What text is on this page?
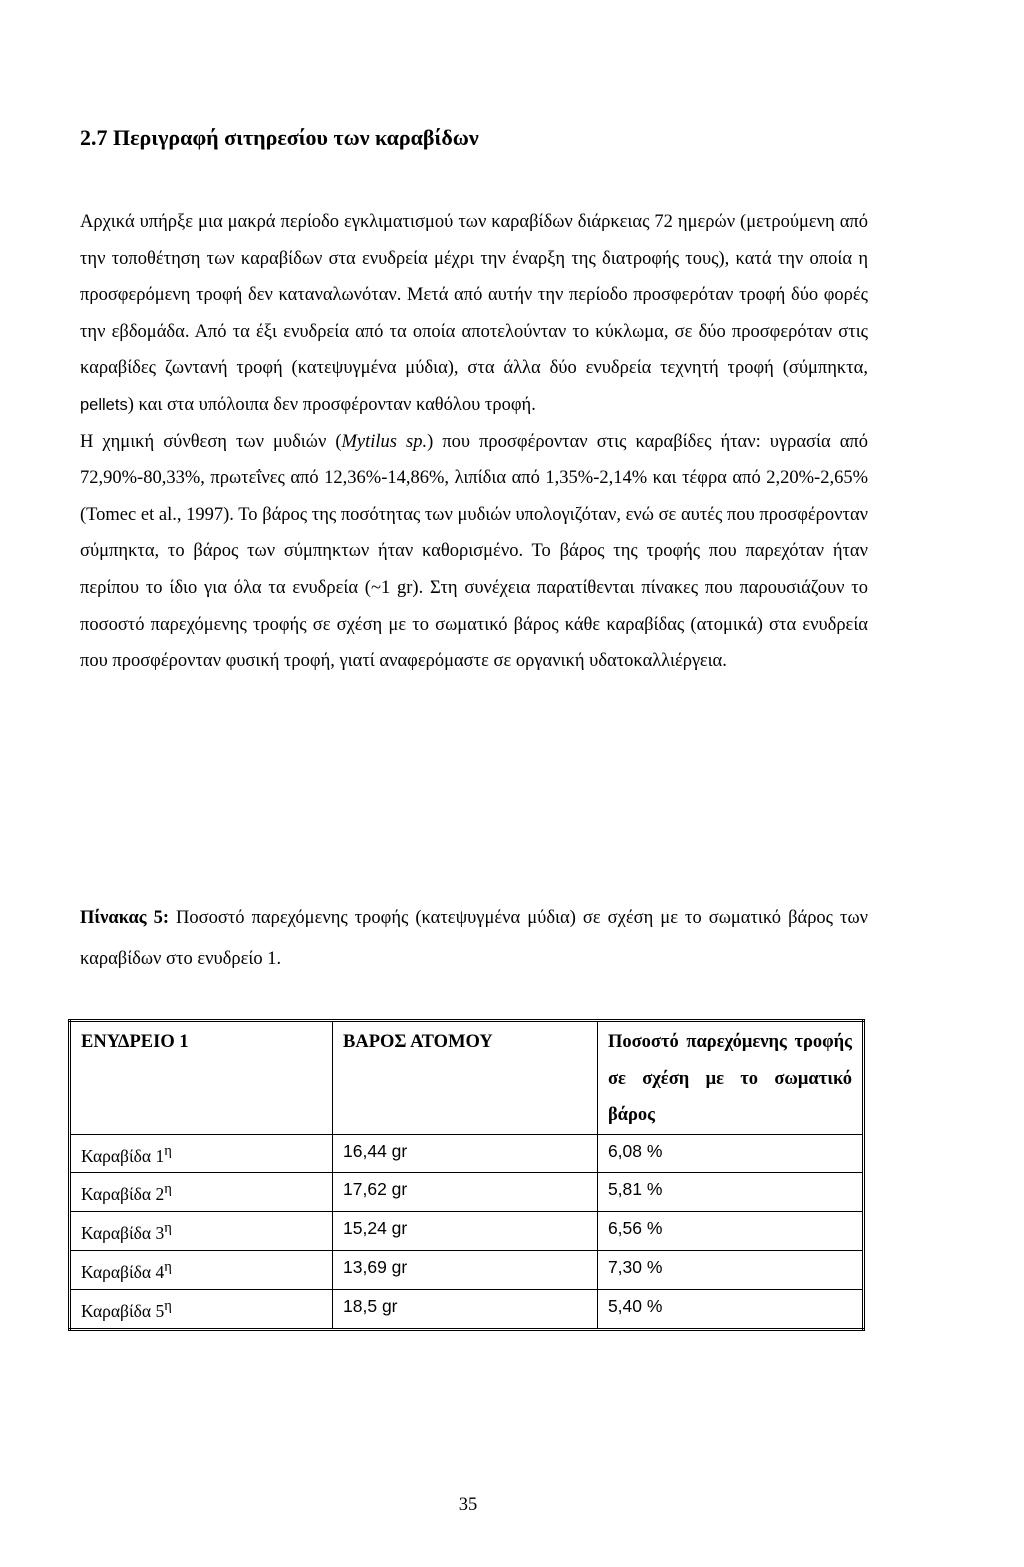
2.7 Περιγραφή σιτηρεσίου των καραβίδων

Αρχικά υπήρξε μια μακρά περίοδο εγκλιματισμού των καραβίδων διάρκειας 72 ημερών (μετρούμενη από την τοποθέτηση των καραβίδων στα ενυδρεία μέχρι την έναρξη της διατροφής τους), κατά την οποία η προσφερόμενη τροφή δεν καταναλωνόταν. Μετά από αυτήν την περίοδο προσφερόταν τροφή δύο φορές την εβδομάδα. Από τα έξι ενυδρεία από τα οποία αποτελούνταν το κύκλωμα, σε δύο προσφερόταν στις καραβίδες ζωντανή τροφή (κατεψυγμένα μύδια), στα άλλα δύο ενυδρεία τεχνητή τροφή (σύμπηκτα, pellets) και στα υπόλοιπα δεν προσφέρονταν καθόλου τροφή.

Η χημική σύνθεση των μυδιών (Mytilus sp.) που προσφέρονταν στις καραβίδες ήταν: υγρασία από 72,90%-80,33%, πρωτεΐνες από 12,36%-14,86%, λιπίδια από 1,35%-2,14% και τέφρα από 2,20%-2,65% (Tomec et al., 1997). Το βάρος της ποσότητας των μυδιών υπολογιζόταν, ενώ σε αυτές που προσφέρονταν σύμπηκτα, το βάρος των σύμπηκτων ήταν καθορισμένο. Το βάρος της τροφής που παρεχόταν ήταν περίπου το ίδιο για όλα τα ενυδρεία (~1 gr). Στη συνέχεια παρατίθενται πίνακες που παρουσιάζουν το ποσοστό παρεχόμενης τροφής σε σχέση με το σωματικό βάρος κάθε καραβίδας (ατομικά) στα ενυδρεία που προσφέρονταν φυσική τροφή, γιατί αναφερόμαστε σε οργανική υδατοκαλλιέργεια.

Πίνακας 5: Ποσοστό παρεχόμενης τροφής (κατεψυγμένα μύδια) σε σχέση με το σωματικό βάρος των καραβίδων στο ενυδρείο 1.

ΕΝΥΔΡΕΙΟ 1	ΒΑΡΟΣ ΑΤΟΜΟΥ	Ποσοστό παρεχόμενης τροφής σε σχέση με το σωματικό βάρος
Καραβίδα $1^\eta$	16,44 gr	6,08 %
Καραβίδα $2^\eta$	17,62 gr	5,81 %
Καραβίδα $3^\eta$	15,24 gr	6,56 %
Καραβίδα $4^\eta$	13,69 gr	7,30 %
Καραβίδα $5^\eta$	18,5 gr	5,40 %
35
